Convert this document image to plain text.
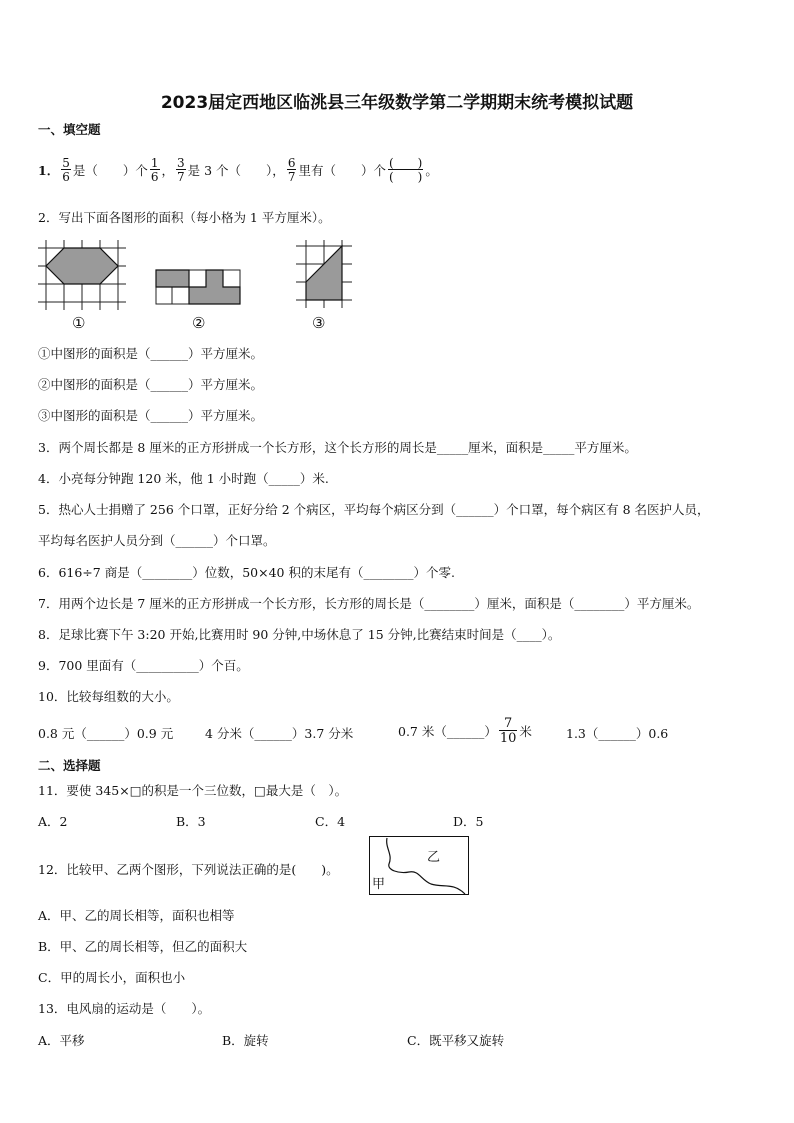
2023届定西地区临洮县三年级数学第二学期期末统考模拟试题
一、填空题
1． $\frac{5}{6}$ 是（　　）个 $\frac{1}{6}$ ， $\frac{3}{7}$ 是 3 个（　　）， $\frac{6}{7}$ 里有（　　）个 $\frac{( )}{( )}$ 。
2．写出下面各图形的面积（每小格为 1 平方厘米）。
①	②	③
①中图形的面积是（______）平方厘米。
②中图形的面积是（______）平方厘米。
③中图形的面积是（______）平方厘米。
3．两个周长都是 8 厘米的正方形拼成一个长方形，这个长方形的周长是_____厘米，面积是_____平方厘米。
4．小亮每分钟跑 120 米，他 1 小时跑（_____）米.
5．热心人士捐赠了 256 个口罩，正好分给 2 个病区，平均每个病区分到（______）个口罩，每个病区有 8 名医护人员，
平均每名医护人员分到（______）个口罩。
6．616÷7 商是（________）位数，50×40 积的末尾有（________）个零.
7．用两个边长是 7 厘米的正方形拼成一个长方形，长方形的周长是（________）厘米，面积是（________）平方厘米。
8．足球比赛下午 3:20 开始,比赛用时 90 分钟,中场休息了 15 分钟,比赛结束时间是（____）。
9．700 里面有（__________）个百。
10．比较每组数的大小。
0.8 元（______）0.9 元	4 分米（______）3.7 分米	0.7 米（______） $\frac{7}{10}$ 米	1.3（______）0.6
二、选择题
11．要使 345×□的积是一个三位数，□最大是（　）。
A．2	B．3	C．4	D．5
12．比较甲、乙两个图形，下列说法正确的是(　　)。
乙
甲
A．甲、乙的周长相等，面积也相等
B．甲、乙的周长相等，但乙的面积大
C．甲的周长小，面积也小
13．电风扇的运动是（　　）。
A．平移	B．旋转	C．既平移又旋转
